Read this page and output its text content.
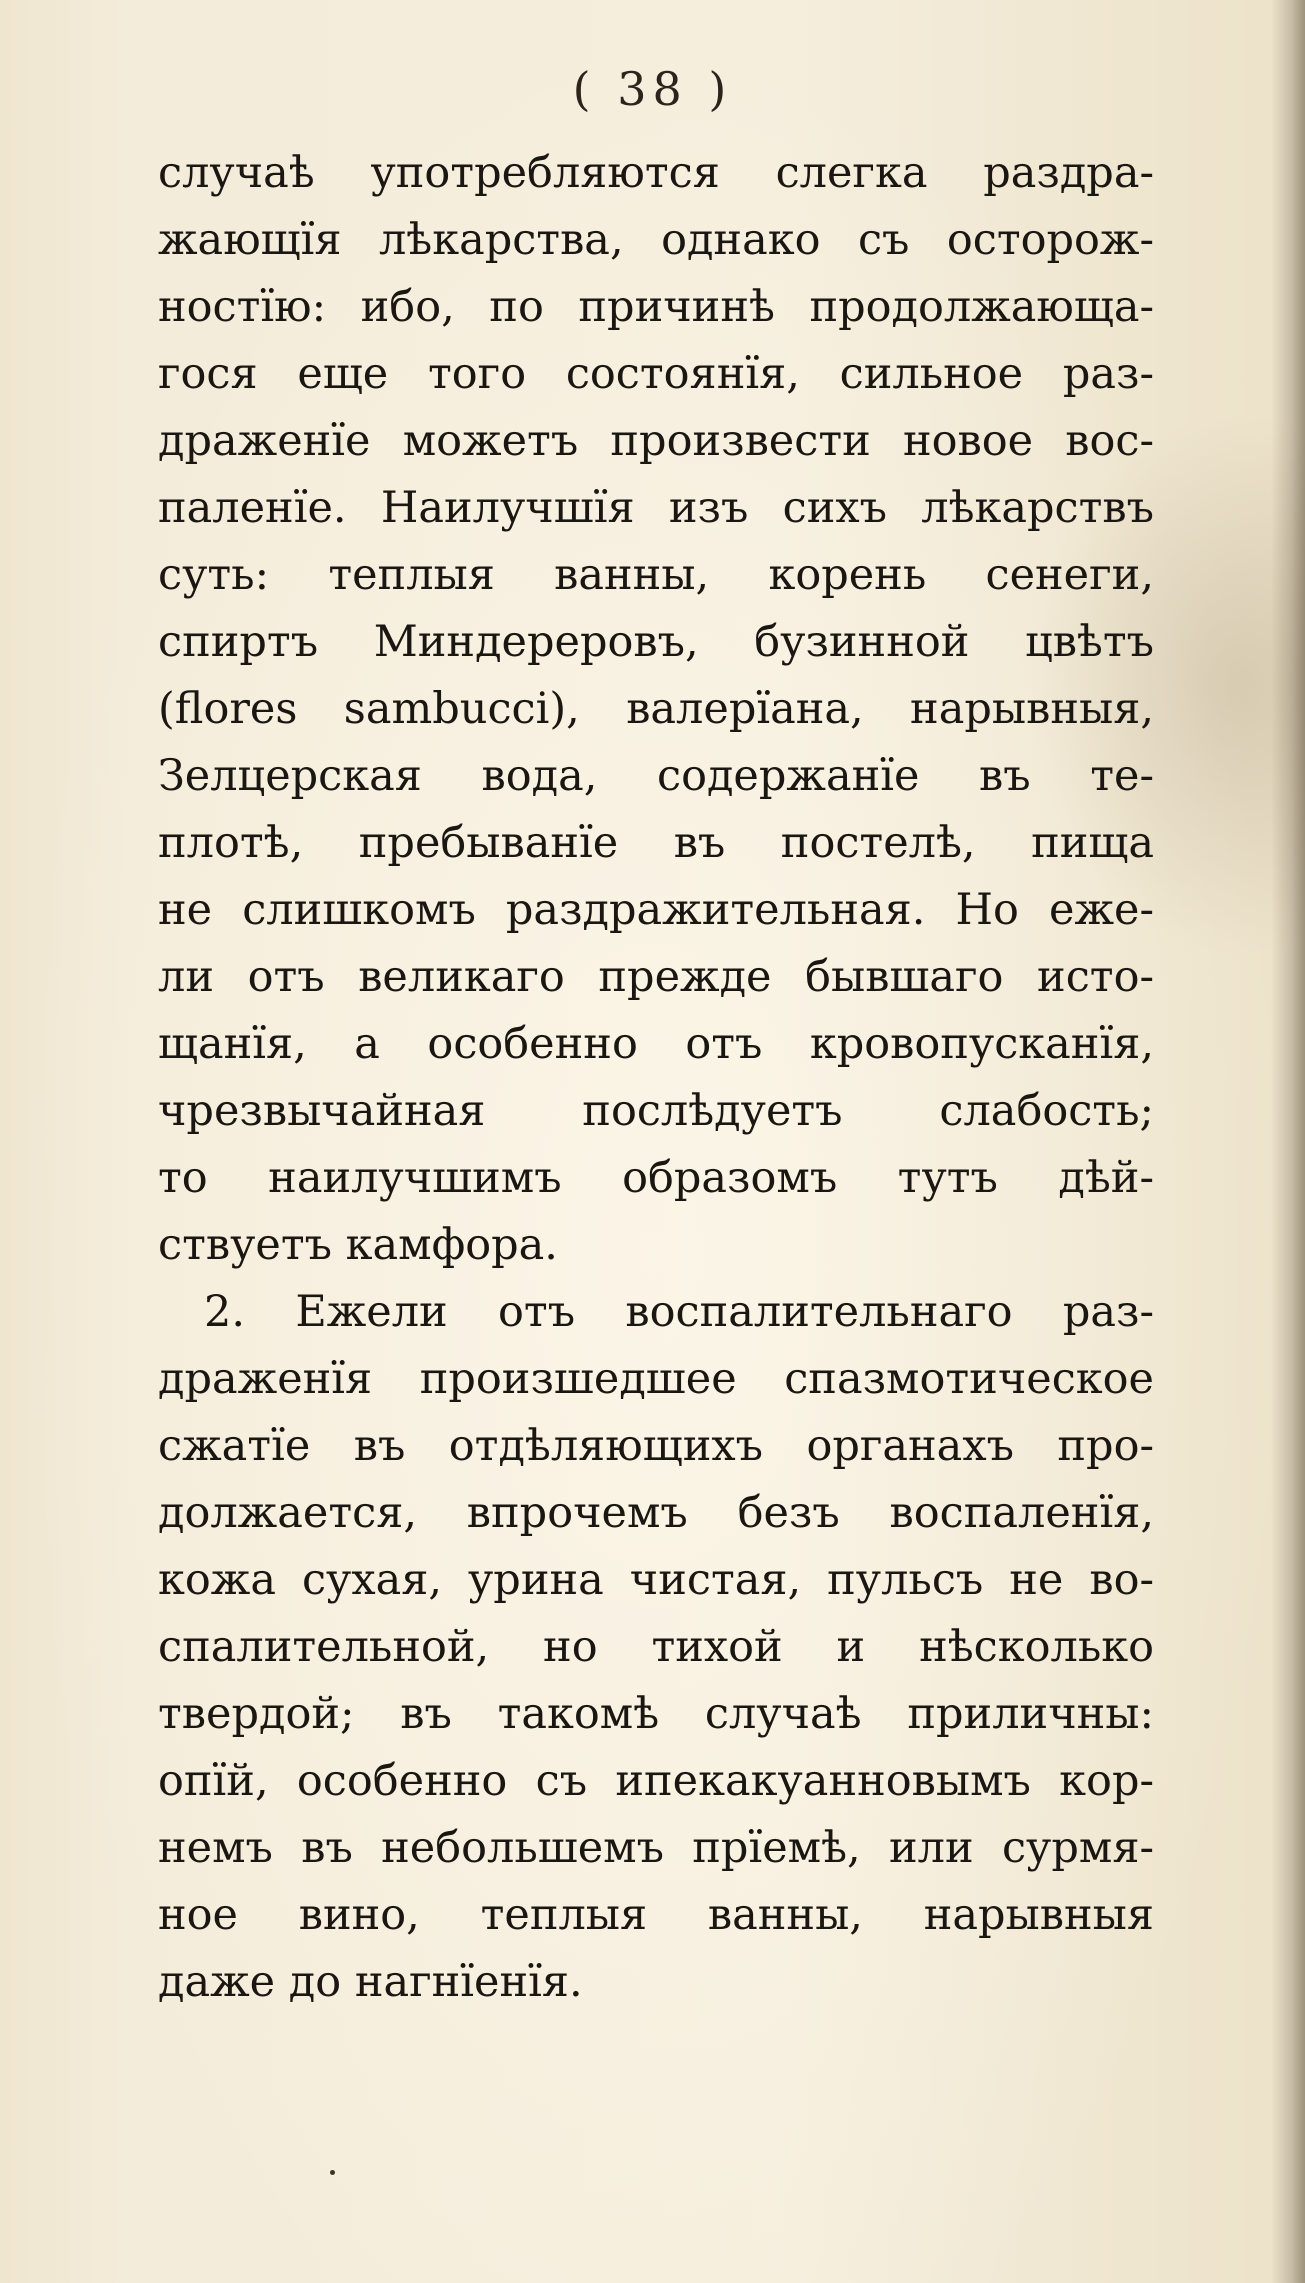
( 38 )
случаѣ употребляются слегка раздра-
жающїя лѣкарства, однако съ осторож-
ностїю: ибо, по причинѣ продолжающа-
гося еще того состоянїя, сильное раз-
драженїе можетъ произвести новое вос-
паленїе. Наилучшїя изъ сихъ лѣкарствъ
суть: теплыя ванны, корень сенеги,
спиртъ Миндереровъ, бузинной цвѣтъ
(flores sambucci), валерїана, нарывныя,
Зелцерская вода, содержанїе въ те-
плотѣ, пребыванїе въ постелѣ, пища
не слишкомъ раздражительная. Но еже-
ли отъ великаго прежде бывшаго исто-
щанїя, а особенно отъ кровопусканїя,
чрезвычайная послѣдуетъ слабость;
то наилучшимъ образомъ тутъ дѣй-
ствуетъ камфора.
2. Ежели отъ воспалительнаго раз-
драженїя произшедшее спазмотическое
сжатїе въ отдѣляющихъ органахъ про-
должается, впрочемъ безъ воспаленїя,
кожа сухая, урина чистая, пульсъ не во-
спалительной, но тихой и нѣсколько
твердой; въ такомѣ случаѣ приличны:
опїй, особенно съ ипекакуанновымъ кор-
немъ въ небольшемъ прїемѣ, или сурмя-
ное вино, теплыя ванны, нарывныя
даже до нагнїенїя.
